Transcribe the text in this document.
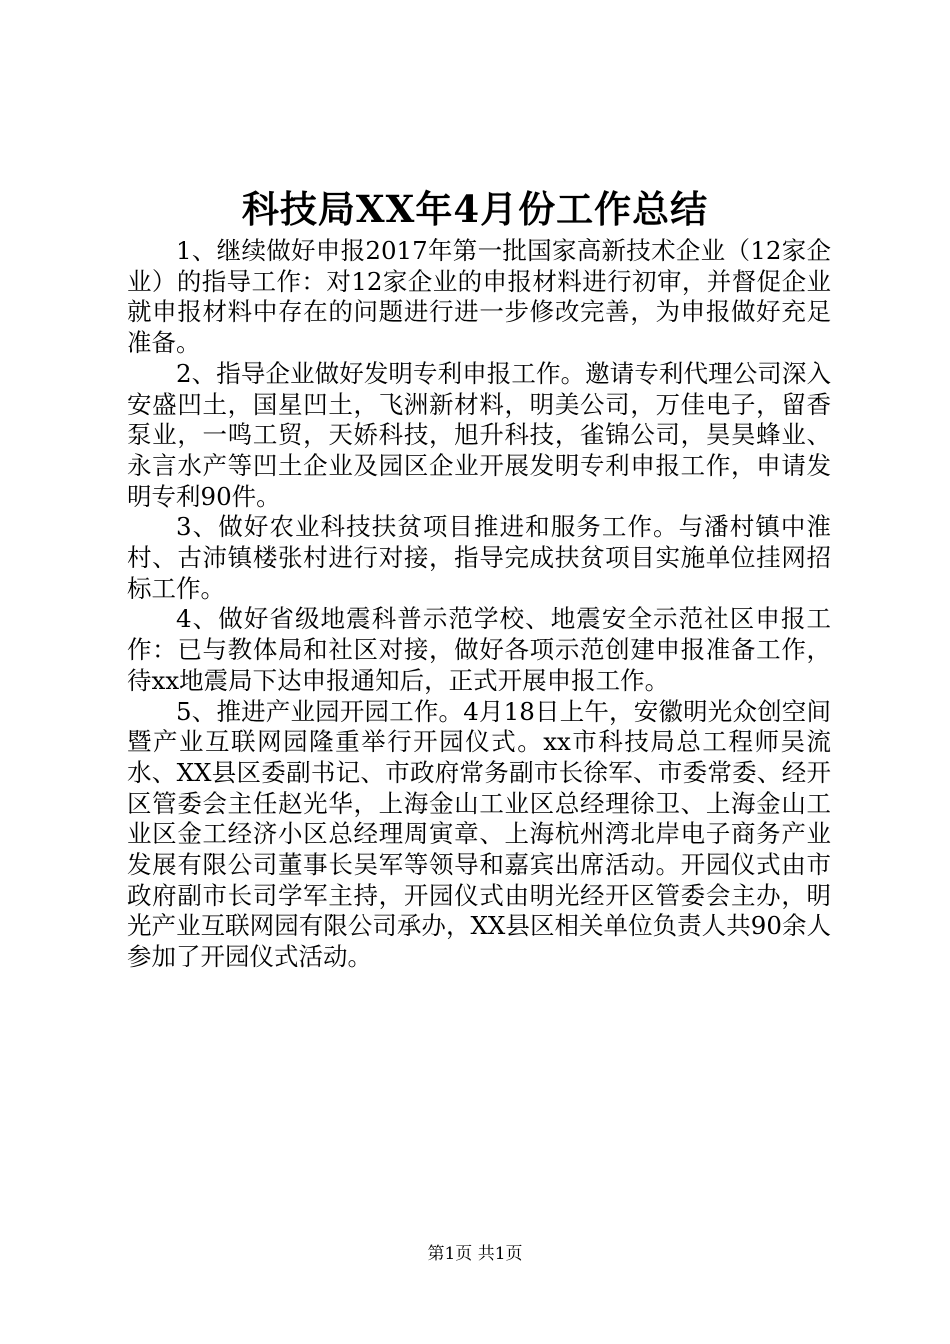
科技局XX年4月份工作总结

1、继续做好申报2017年第一批国家高新技术企业（12家企业）的指导工作：对12家企业的申报材料进行初审，并督促企业就申报材料中存在的问题进行进一步修改完善，为申报做好充足准备。

2、指导企业做好发明专利申报工作。邀请专利代理公司深入安盛凹土，国星凹土，飞洲新材料，明美公司，万佳电子，留香泵业，一鸣工贸，天娇科技，旭升科技，雀锦公司，昊昊蜂业、永言水产等凹土企业及园区企业开展发明专利申报工作，申请发明专利90件。

3、做好农业科技扶贫项目推进和服务工作。与潘村镇中淮村、古沛镇楼张村进行对接，指导完成扶贫项目实施单位挂网招标工作。

4、做好省级地震科普示范学校、地震安全示范社区申报工作：已与教体局和社区对接，做好各项示范创建申报准备工作，待xx地震局下达申报通知后，正式开展申报工作。

5、推进产业园开园工作。4月18日上午，安徽明光众创空间暨产业互联网园隆重举行开园仪式。xx市科技局总工程师吴流水、XX县区委副书记、市政府常务副市长徐军、市委常委、经开区管委会主任赵光华，上海金山工业区总经理徐卫、上海金山工业区金工经济小区总经理周寅章、上海杭州湾北岸电子商务产业发展有限公司董事长吴军等领导和嘉宾出席活动。开园仪式由市政府副市长司学军主持，开园仪式由明光经开区管委会主办，明光产业互联网园有限公司承办，XX县区相关单位负责人共90余人参加了开园仪式活动。

第1页 共1页
